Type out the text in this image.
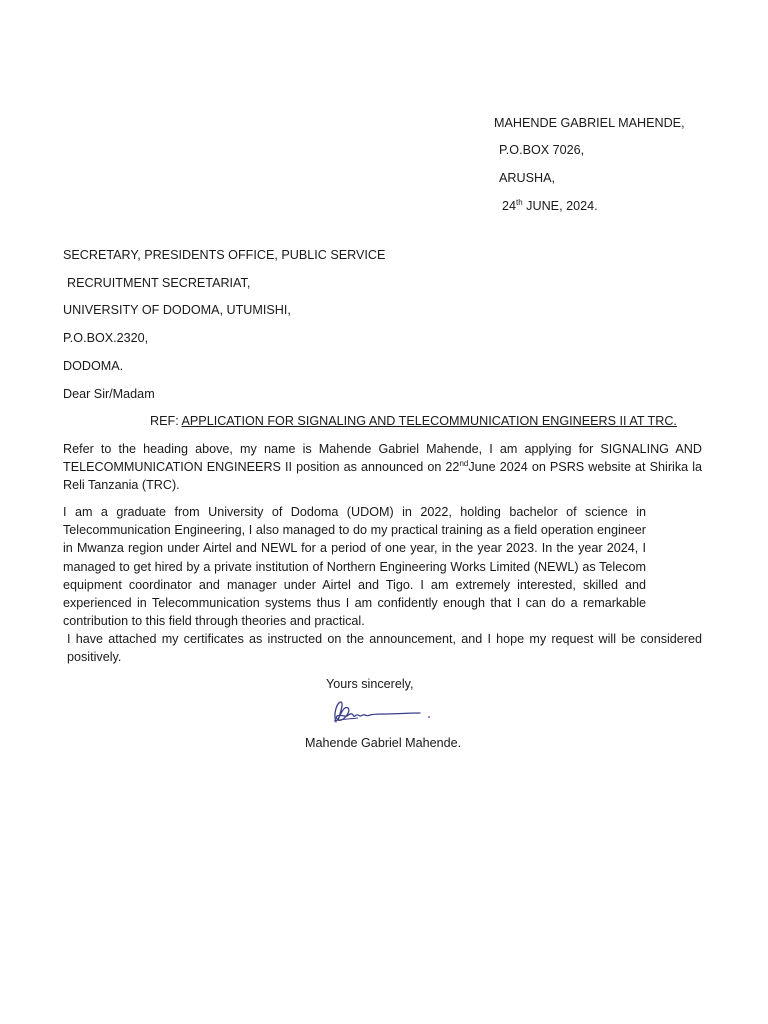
MAHENDE GABRIEL MAHENDE,
P.O.BOX 7026,
ARUSHA,
24th JUNE, 2024.
SECRETARY, PRESIDENTS OFFICE, PUBLIC SERVICE
RECRUITMENT SECRETARIAT,
UNIVERSITY OF DODOMA, UTUMISHI,
P.O.BOX.2320,
DODOMA.
Dear Sir/Madam
REF: APPLICATION FOR SIGNALING AND TELECOMMUNICATION ENGINEERS II AT TRC.
Refer to the heading above, my name is Mahende Gabriel Mahende, I am applying for SIGNALING AND TELECOMMUNICATION ENGINEERS II position as announced on 22ndJune 2024 on PSRS website at Shirika la Reli Tanzania (TRC).
I am a graduate from University of Dodoma (UDOM) in 2022, holding bachelor of science in Telecommunication Engineering, I also managed to do my practical training as a field operation engineer in Mwanza region under Airtel and NEWL for a period of one year, in the year 2023. In the year 2024, I managed to get hired by a private institution of Northern Engineering Works Limited (NEWL) as Telecom equipment coordinator and manager under Airtel and Tigo. I am extremely interested, skilled and experienced in Telecommunication systems thus I am confidently enough that I can do a remarkable contribution to this field through theories and practical.
I have attached my certificates as instructed on the announcement, and I hope my request will be considered positively.
Yours sincerely,
Mahende Gabriel Mahende.
